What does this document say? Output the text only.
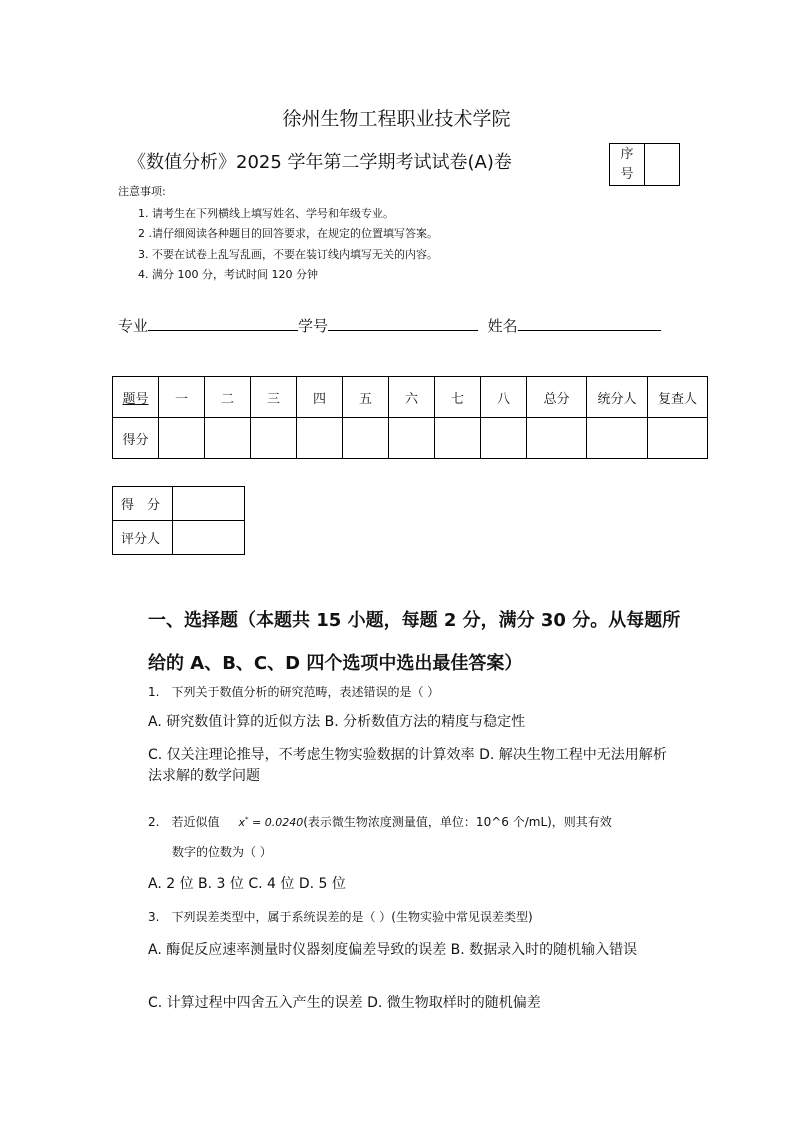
徐州生物工程职业技术学院
《数值分析》2025 学年第二学期考试试卷(A)卷	序
号
注意事项:
1. 请考生在下列横线上填写姓名、学号和年级专业。
2 .请仔细阅读各种题目的回答要求，在规定的位置填写答案。
3. 不要在试卷上乱写乱画，不要在装订线内填写无关的内容。
4. 满分 100 分，考试时间 120 分钟
专业	学号	姓名
题号	一	二	三	四	五	六	七	八	总分	统分人	复查人
得分											
得　分	
评分人	
一、选择题（本题共 15 小题，每题 2 分，满分 30 分。从每题所
给的 A、B、C、D 四个选项中选出最佳答案）
1.　下列关于数值分析的研究范畴，表述错误的是（ ）
A. 研究数值计算的近似方法 B. 分析数值方法的精度与稳定性
C. 仅关注理论推导，不考虑生物实验数据的计算效率 D. 解决生物工程中无法用解析法求解的数学问题
2.　若近似值 x* = 0.0240(表示微生物浓度测量值，单位：10^6 个/mL)，则其有效
数字的位数为（ ）
A. 2 位 B. 3 位 C. 4 位 D. 5 位
3.　下列误差类型中，属于系统误差的是（ ）(生物实验中常见误差类型)
A. 酶促反应速率测量时仪器刻度偏差导致的误差 B. 数据录入时的随机输入错误
C. 计算过程中四舍五入产生的误差 D. 微生物取样时的随机偏差
